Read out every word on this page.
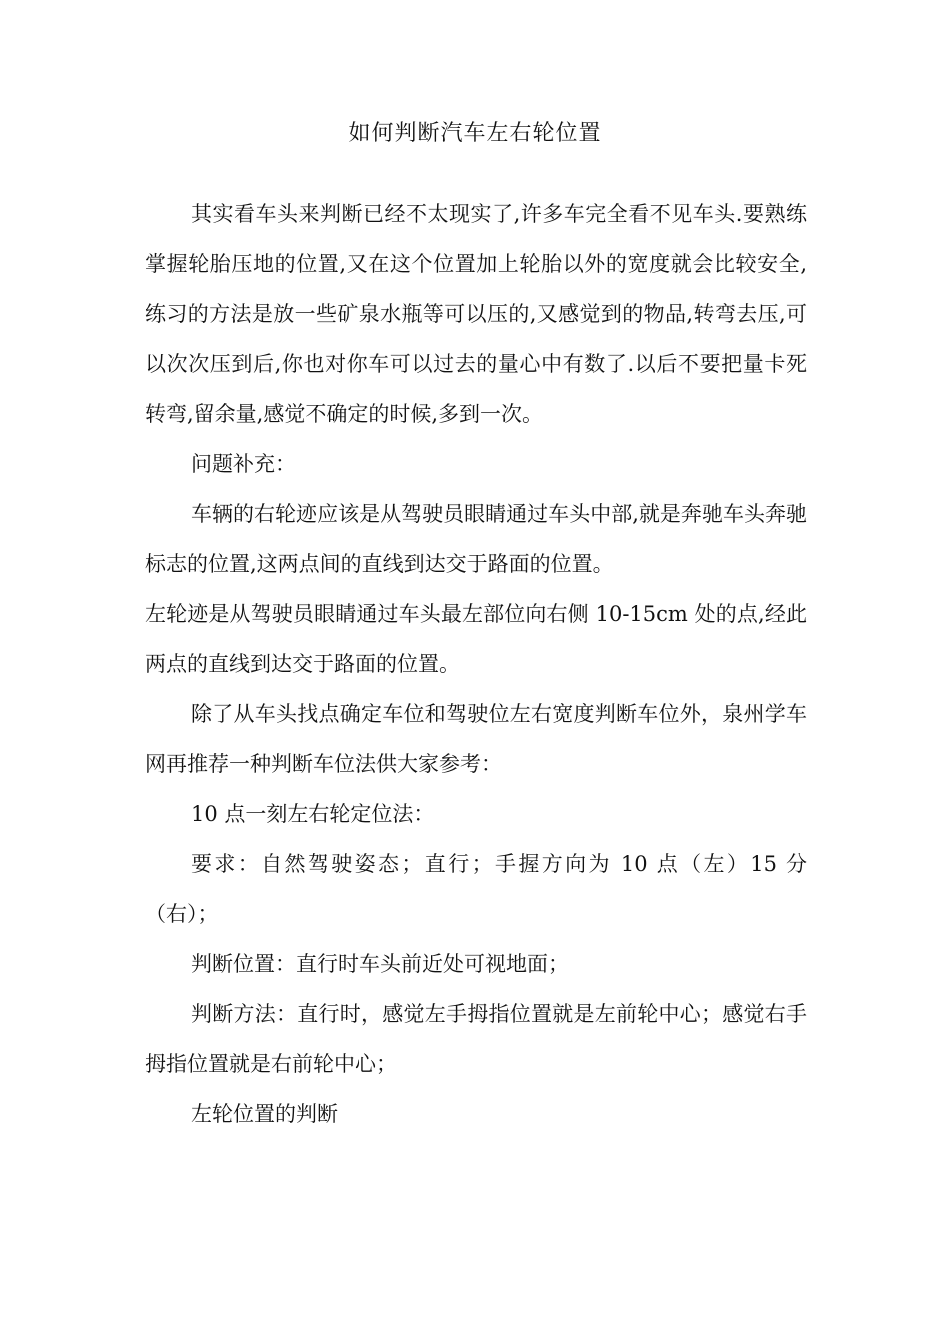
如何判断汽车左右轮位置

其实看车头来判断已经不太现实了,许多车完全看不见车头.要熟练掌握轮胎压地的位置,又在这个位置加上轮胎以外的宽度就会比较安全,练习的方法是放一些矿泉水瓶等可以压的,又感觉到的物品,转弯去压,可以次次压到后,你也对你车可以过去的量心中有数了.以后不要把量卡死转弯,留余量,感觉不确定的时候,多到一次。

问题补充：

车辆的右轮迹应该是从驾驶员眼睛通过车头中部,就是奔驰车头奔驰标志的位置,这两点间的直线到达交于路面的位置。

左轮迹是从驾驶员眼睛通过车头最左部位向右侧 10-15cm 处的点,经此两点的直线到达交于路面的位置。

除了从车头找点确定车位和驾驶位左右宽度判断车位外，泉州学车网再推荐一种判断车位法供大家参考：

10 点一刻左右轮定位法：

要求：自然驾驶姿态；直行；手握方向为 10 点（左）15 分（右）；

判断位置：直行时车头前近处可视地面；

判断方法：直行时，感觉左手拇指位置就是左前轮中心；感觉右手拇指位置就是右前轮中心；

左轮位置的判断
